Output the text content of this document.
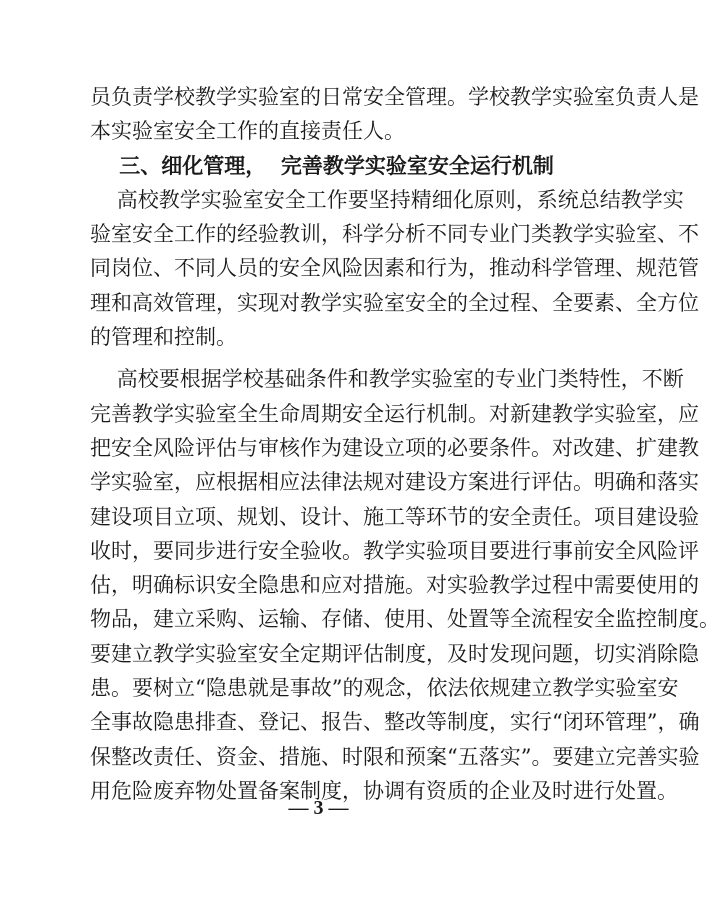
员负责学校教学实验室的日常安全管理。学校教学实验室负责人是
本实验室安全工作的直接责任人。
三、细化管理，  完善教学实验室安全运行机制
高校教学实验室安全工作要坚持精细化原则，系统总结教学实
验室安全工作的经验教训，科学分析不同专业门类教学实验室、不
同岗位、不同人员的安全风险因素和行为，推动科学管理、规范管
理和高效管理，实现对教学实验室安全的全过程、全要素、全方位
的管理和控制。
高校要根据学校基础条件和教学实验室的专业门类特性，不断
完善教学实验室全生命周期安全运行机制。对新建教学实验室，应
把安全风险评估与审核作为建设立项的必要条件。对改建、扩建教
学实验室，应根据相应法律法规对建设方案进行评估。明确和落实
建设项目立项、规划、设计、施工等环节的安全责任。项目建设验
收时，要同步进行安全验收。教学实验项目要进行事前安全风险评
估，明确标识安全隐患和应对措施。对实验教学过程中需要使用的
物品，建立采购、运输、存储、使用、处置等全流程安全监控制度。
要建立教学实验室安全定期评估制度，及时发现问题，切实消除隐
患。要树立“隐患就是事故”的观念，依法依规建立教学实验室安
全事故隐患排查、登记、报告、整改等制度，实行“闭环管理”，确
保整改责任、资金、措施、时限和预案“五落实”。要建立完善实验
用危险废弃物处置备案制度，协调有资质的企业及时进行处置。
— 3 —
